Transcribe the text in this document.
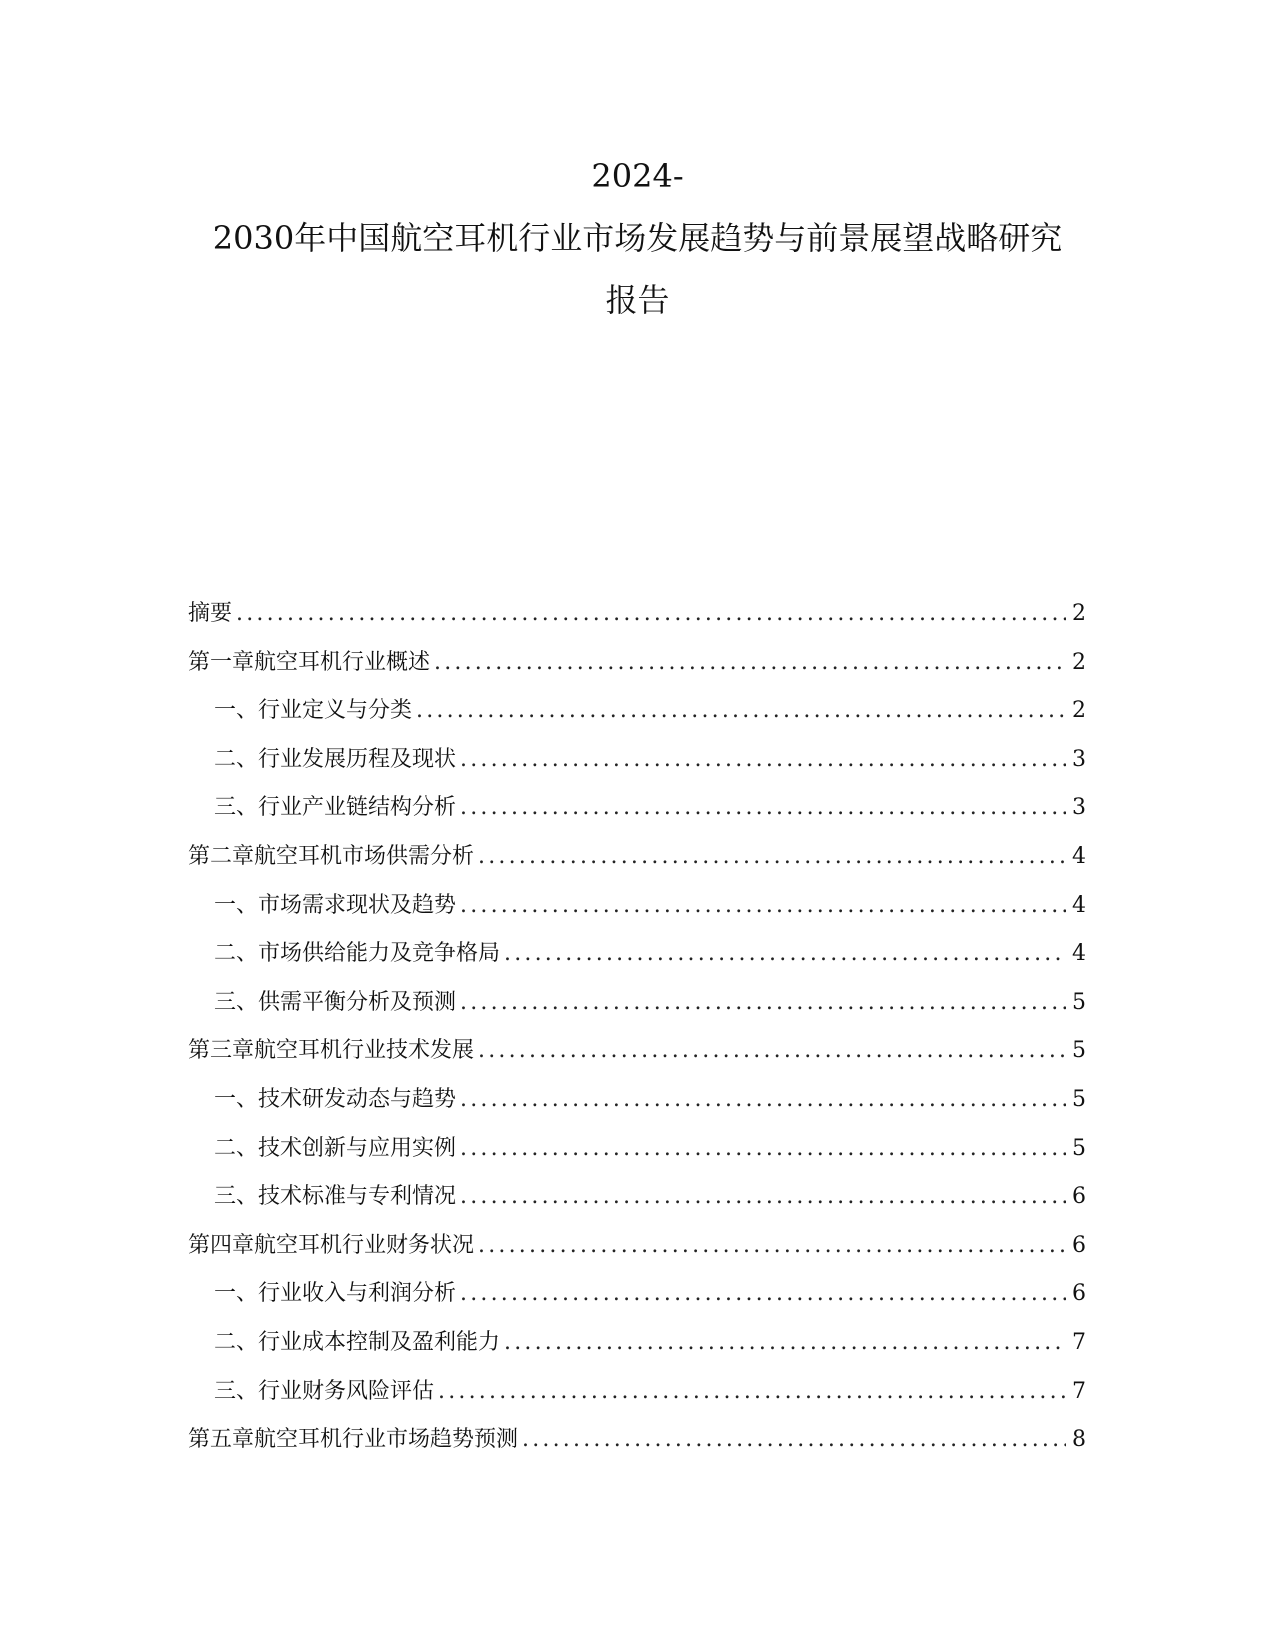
2024-
2030年中国航空耳机行业市场发展趋势与前景展望战略研究
报告
摘要 .....	2
第一章 航空耳机行业概述 .....	2
一、 行业定义与分类 .....	2
二、 行业发展历程及现状 .....	3
三、 行业产业链结构分析 .....	3
第二章 航空耳机市场供需分析 .....	4
一、 市场需求现状及趋势 .....	4
二、 市场供给能力及竞争格局 .....	4
三、 供需平衡分析及预测 .....	5
第三章 航空耳机行业技术发展 .....	5
一、 技术研发动态与趋势 .....	5
二、 技术创新与应用实例 .....	5
三、 技术标准与专利情况 .....	6
第四章 航空耳机行业财务状况 .....	6
一、 行业收入与利润分析 .....	6
二、 行业成本控制及盈利能力 .....	7
三、 行业财务风险评估 .....	7
第五章 航空耳机行业市场趋势预测 .....	8
